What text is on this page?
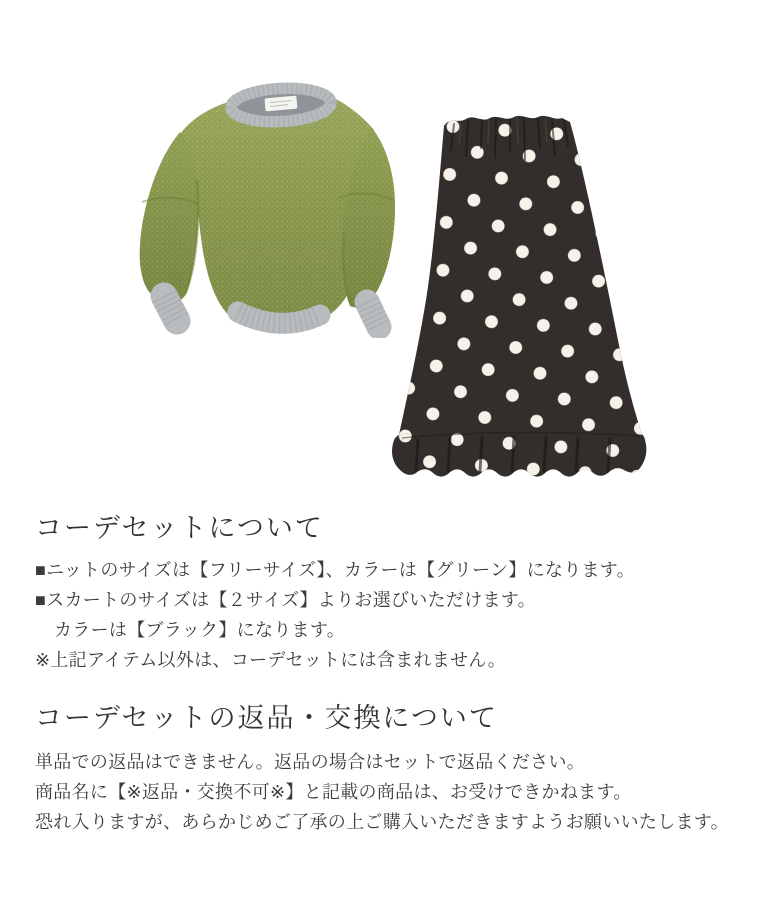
コーデセットについて

■ニットのサイズは【フリーサイズ】、カラーは【グリーン】になります。

■スカートのサイズは【２サイズ】よりお選びいただけます。

カラーは【ブラック】になります。

※上記アイテム以外は、コーデセットには含まれません。

コーデセットの返品・交換について

単品での返品はできません。返品の場合はセットで返品ください。

商品名に【※返品・交換不可※】と記載の商品は、お受けできかねます。

恐れ入りますが、あらかじめご了承の上ご購入いただきますようお願いいたします。
